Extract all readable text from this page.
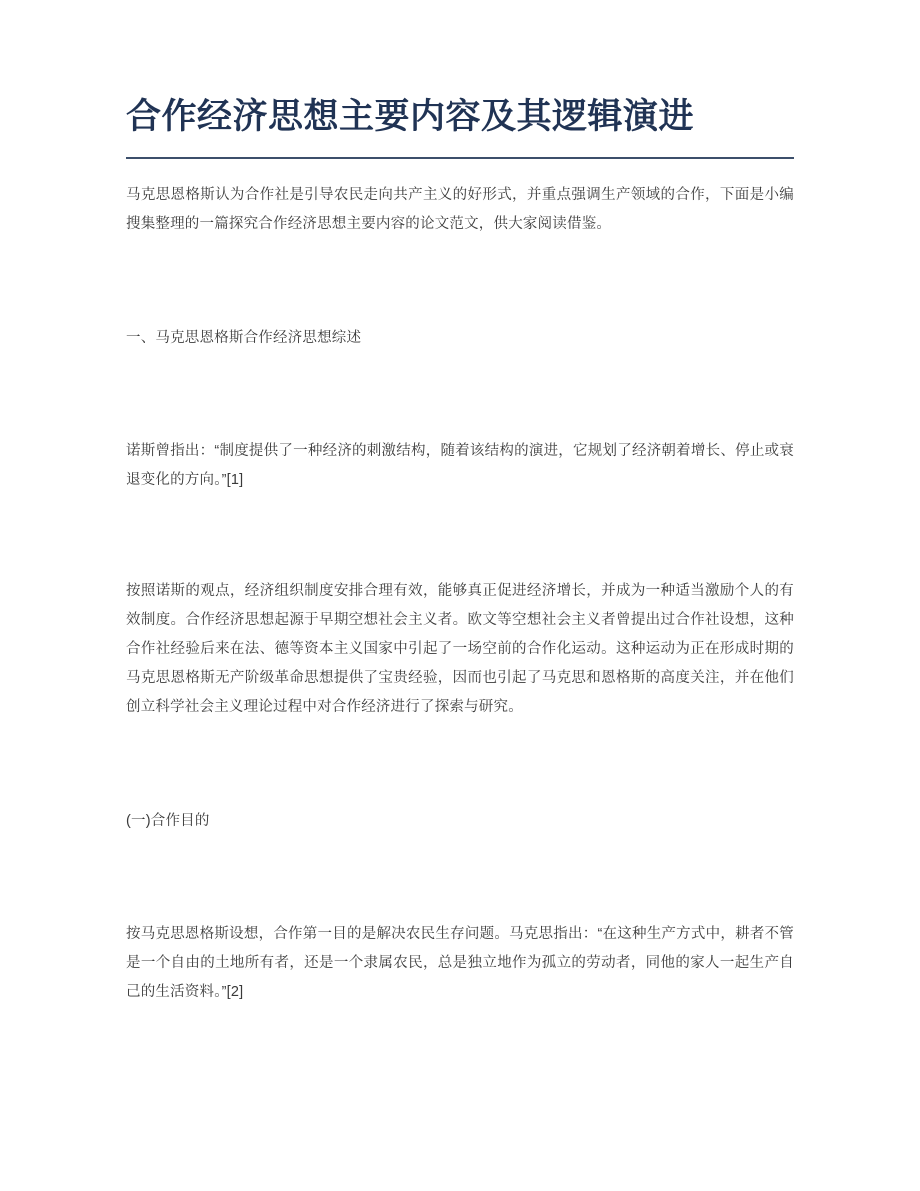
合作经济思想主要内容及其逻辑演进

马克思恩格斯认为合作社是引导农民走向共产主义的好形式，并重点强调生产领域的合作，下面是小编搜集整理的一篇探究合作经济思想主要内容的论文范文，供大家阅读借鉴。

一、马克思恩格斯合作经济思想综述

诺斯曾指出：“制度提供了一种经济的刺激结构，随着该结构的演进，它规划了经济朝着增长、停止或衰退变化的方向。”[1]

按照诺斯的观点，经济组织制度安排合理有效，能够真正促进经济增长，并成为一种适当激励个人的有效制度。合作经济思想起源于早期空想社会主义者。欧文等空想社会主义者曾提出过合作社设想，这种合作社经验后来在法、德等资本主义国家中引起了一场空前的合作化运动。这种运动为正在形成时期的马克思恩格斯无产阶级革命思想提供了宝贵经验，因而也引起了马克思和恩格斯的高度关注，并在他们创立科学社会主义理论过程中对合作经济进行了探索与研究。

(一)合作目的

按马克思恩格斯设想，合作第一目的是解决农民生存问题。马克思指出：“在这种生产方式中，耕者不管是一个自由的土地所有者，还是一个隶属农民，总是独立地作为孤立的劳动者，同他的家人一起生产自己的生活资料。”[2]
